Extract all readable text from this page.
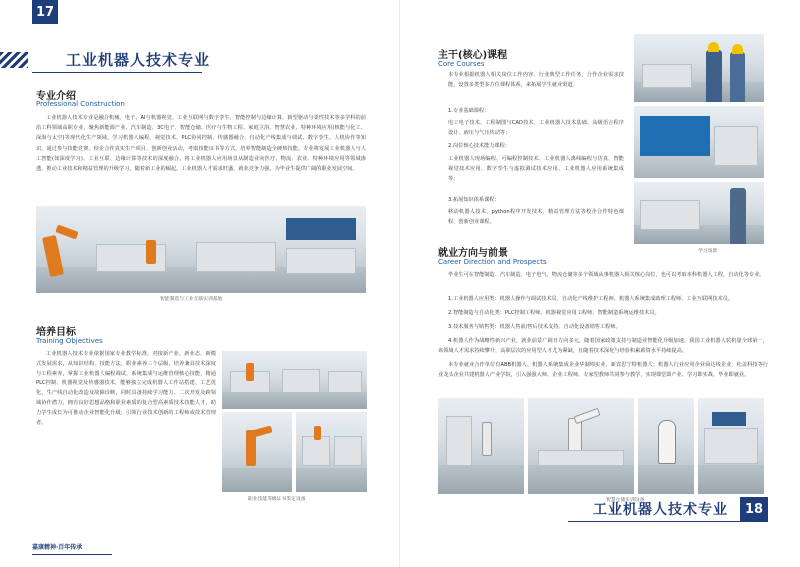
17
工业机器人技术专业
专业介绍
Professional Construction
工业机器人技术专业是融合机械、电子、AI与机器视觉、工业互联网与数字孪生、智能控制与边缘计算、新型驱动与柔性技术等多学科的前沿工科领域高职专业，聚焦新能源产业、汽车制造、3C电子、智能仓储、医疗与生物工程、家庭卫浴、智慧农业、特种环境应用(核能与化工、深海与太空)等现代化生产领域，学习机器人编程、视觉技术、PLC协同控制、传感器融合、自动化产线集成与调试、数字孪生、人机协作等知识，通过参与技能竞赛、校企合作真实生产项目、创新创业活动，考取技能证书等方式，培养智能制造全硬核技能。专业将发展工业机器人与人工智能(如深度学习)、工业互联、边缘计算等技术的深度融合，将工业机器人应用场景从制造业向医疗、物流、农业、特种环境应用等领域渗透，推动工业技术和精益管理的升级学习，随着新工业的崛起，工业机器人才需求旺盛，就业竞争力强，为毕业生提供广阔的职业发展空间。
智能制造与工业互联实训基地
培养目标
Training Objectives
工业机器人技术专业依据国家专业教学标准，对接新产业、新业态、新模式发展需求，从知识结构、技能方法、职业素养三个层级，培养兼具技术深度与工程素养，掌握工业机器人编程调试、系统集成与运维管理核心技能，精通PLC控制、机器视觉及传感器技术，能够独立完成机器人工作站搭建、工艺优化、生产线自动化改造及故障诊断，同时具备持续学习能力、二次开发及跨领域协作潜力，拥有良好思想品格和职业素质的复合型高素质技术技能人才，助力学生成长为可推动企业智能化升级、引领行业技术创新的工程师或技术管理者。
职业技能等级证书鉴定设备
嘉康精神·百年传承
主干(核心)课程
Core Courses
本专业根据机器人相关岗位工作内容、行业典型工作任务，合作企业需求技能，设置多类型多方位课程体系，来拓展学生就业渠道。
1.专业基础课程：
电工电子技术、工程制图与CAD技术、工业机器人技术基础、高级语言程序设计、液压与气压传动等；
2.岗位核心技术能力课程：
工业机器人现场编程、可编程控制技术、工业机器人离线编程与仿真、智能视觉技术应用、数字孪生与虚拟调试技术应用、工业机器人应用系统集成等；
3.拓展知识体系课程：
移动机器人技术、python程序开发技术、精益管理方法等校企合作特色课程、创新创业课程。
学习场景
就业方向与前景
Career Direction and Prospects
毕业生可在智能制造、汽车制造、电子电气、物流仓储等多个领域从事机器人相关核心岗位，也可以考取本科机器人工程，自动化等专业。
1.工业机器人应用类：机器人操作与调试技术员、自动化产线维护工程师、机器人系统集成助理工程师、工业互联网技术员。
2.智能制造与自动化类：PLC控制工程师、机器视觉应用工程师、智能制造系统运维技术员。
3.技术服务与销售类：机器人售前/售后技术支持、自动化设备销售工程师。
4.机器人作为战略性新兴产业，就业前景广阔且方向多元，随着国家政策支持与制造业智能化升级加速，我国工业机器人装机量全球第一，该领域人才需求持续攀升，高职层次的应用型人才尤为紧缺，且随着技术深化与经验积累薪资水平持续提高。
本专业就业合作单位有ABB机器人、机器人系统集成企业华制埠实业、新宾思宁特机器人；机器人行业应用企业舜达线企业、松盖科技等行业龙头企业共建机器人产业学院，引入强强大师、企业工程师，专家型教师共同参与教学，实现课堂即产业、学习即实战、毕业即就业。
智慧仓储实训设备
工业机器人技术专业	18
